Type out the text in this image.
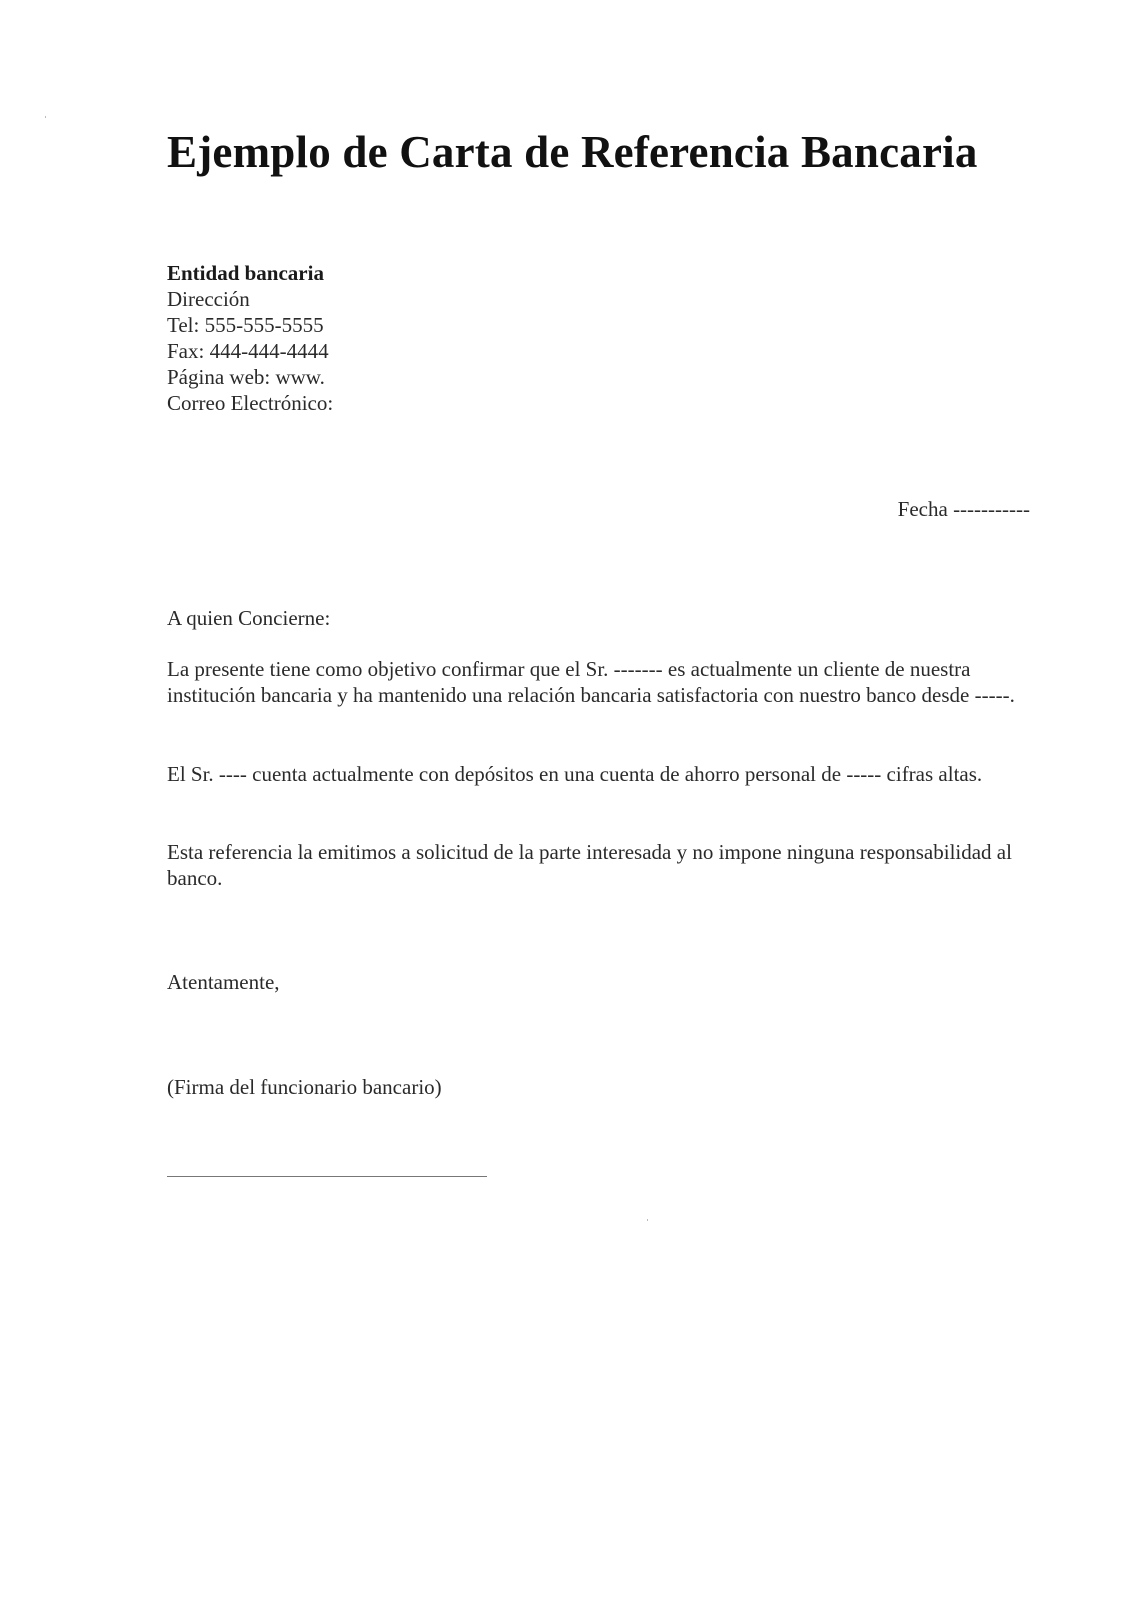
Ejemplo de Carta de Referencia Bancaria
Entidad bancaria
Dirección
Tel: 555-555-5555
Fax: 444-444-4444
Página web: www.
Correo Electrónico:
Fecha -----------

A quien Concierne:

La presente tiene como objetivo confirmar que el Sr. ------- es actualmente un cliente de nuestra institución bancaria y ha mantenido una relación bancaria satisfactoria con nuestro banco desde -----.

El Sr. ---- cuenta actualmente con depósitos en una cuenta de ahorro personal de ----- cifras altas.

Esta referencia la emitimos a solicitud de la parte interesada y no impone ninguna responsabilidad al banco.

Atentamente,

(Firma del funcionario bancario)
